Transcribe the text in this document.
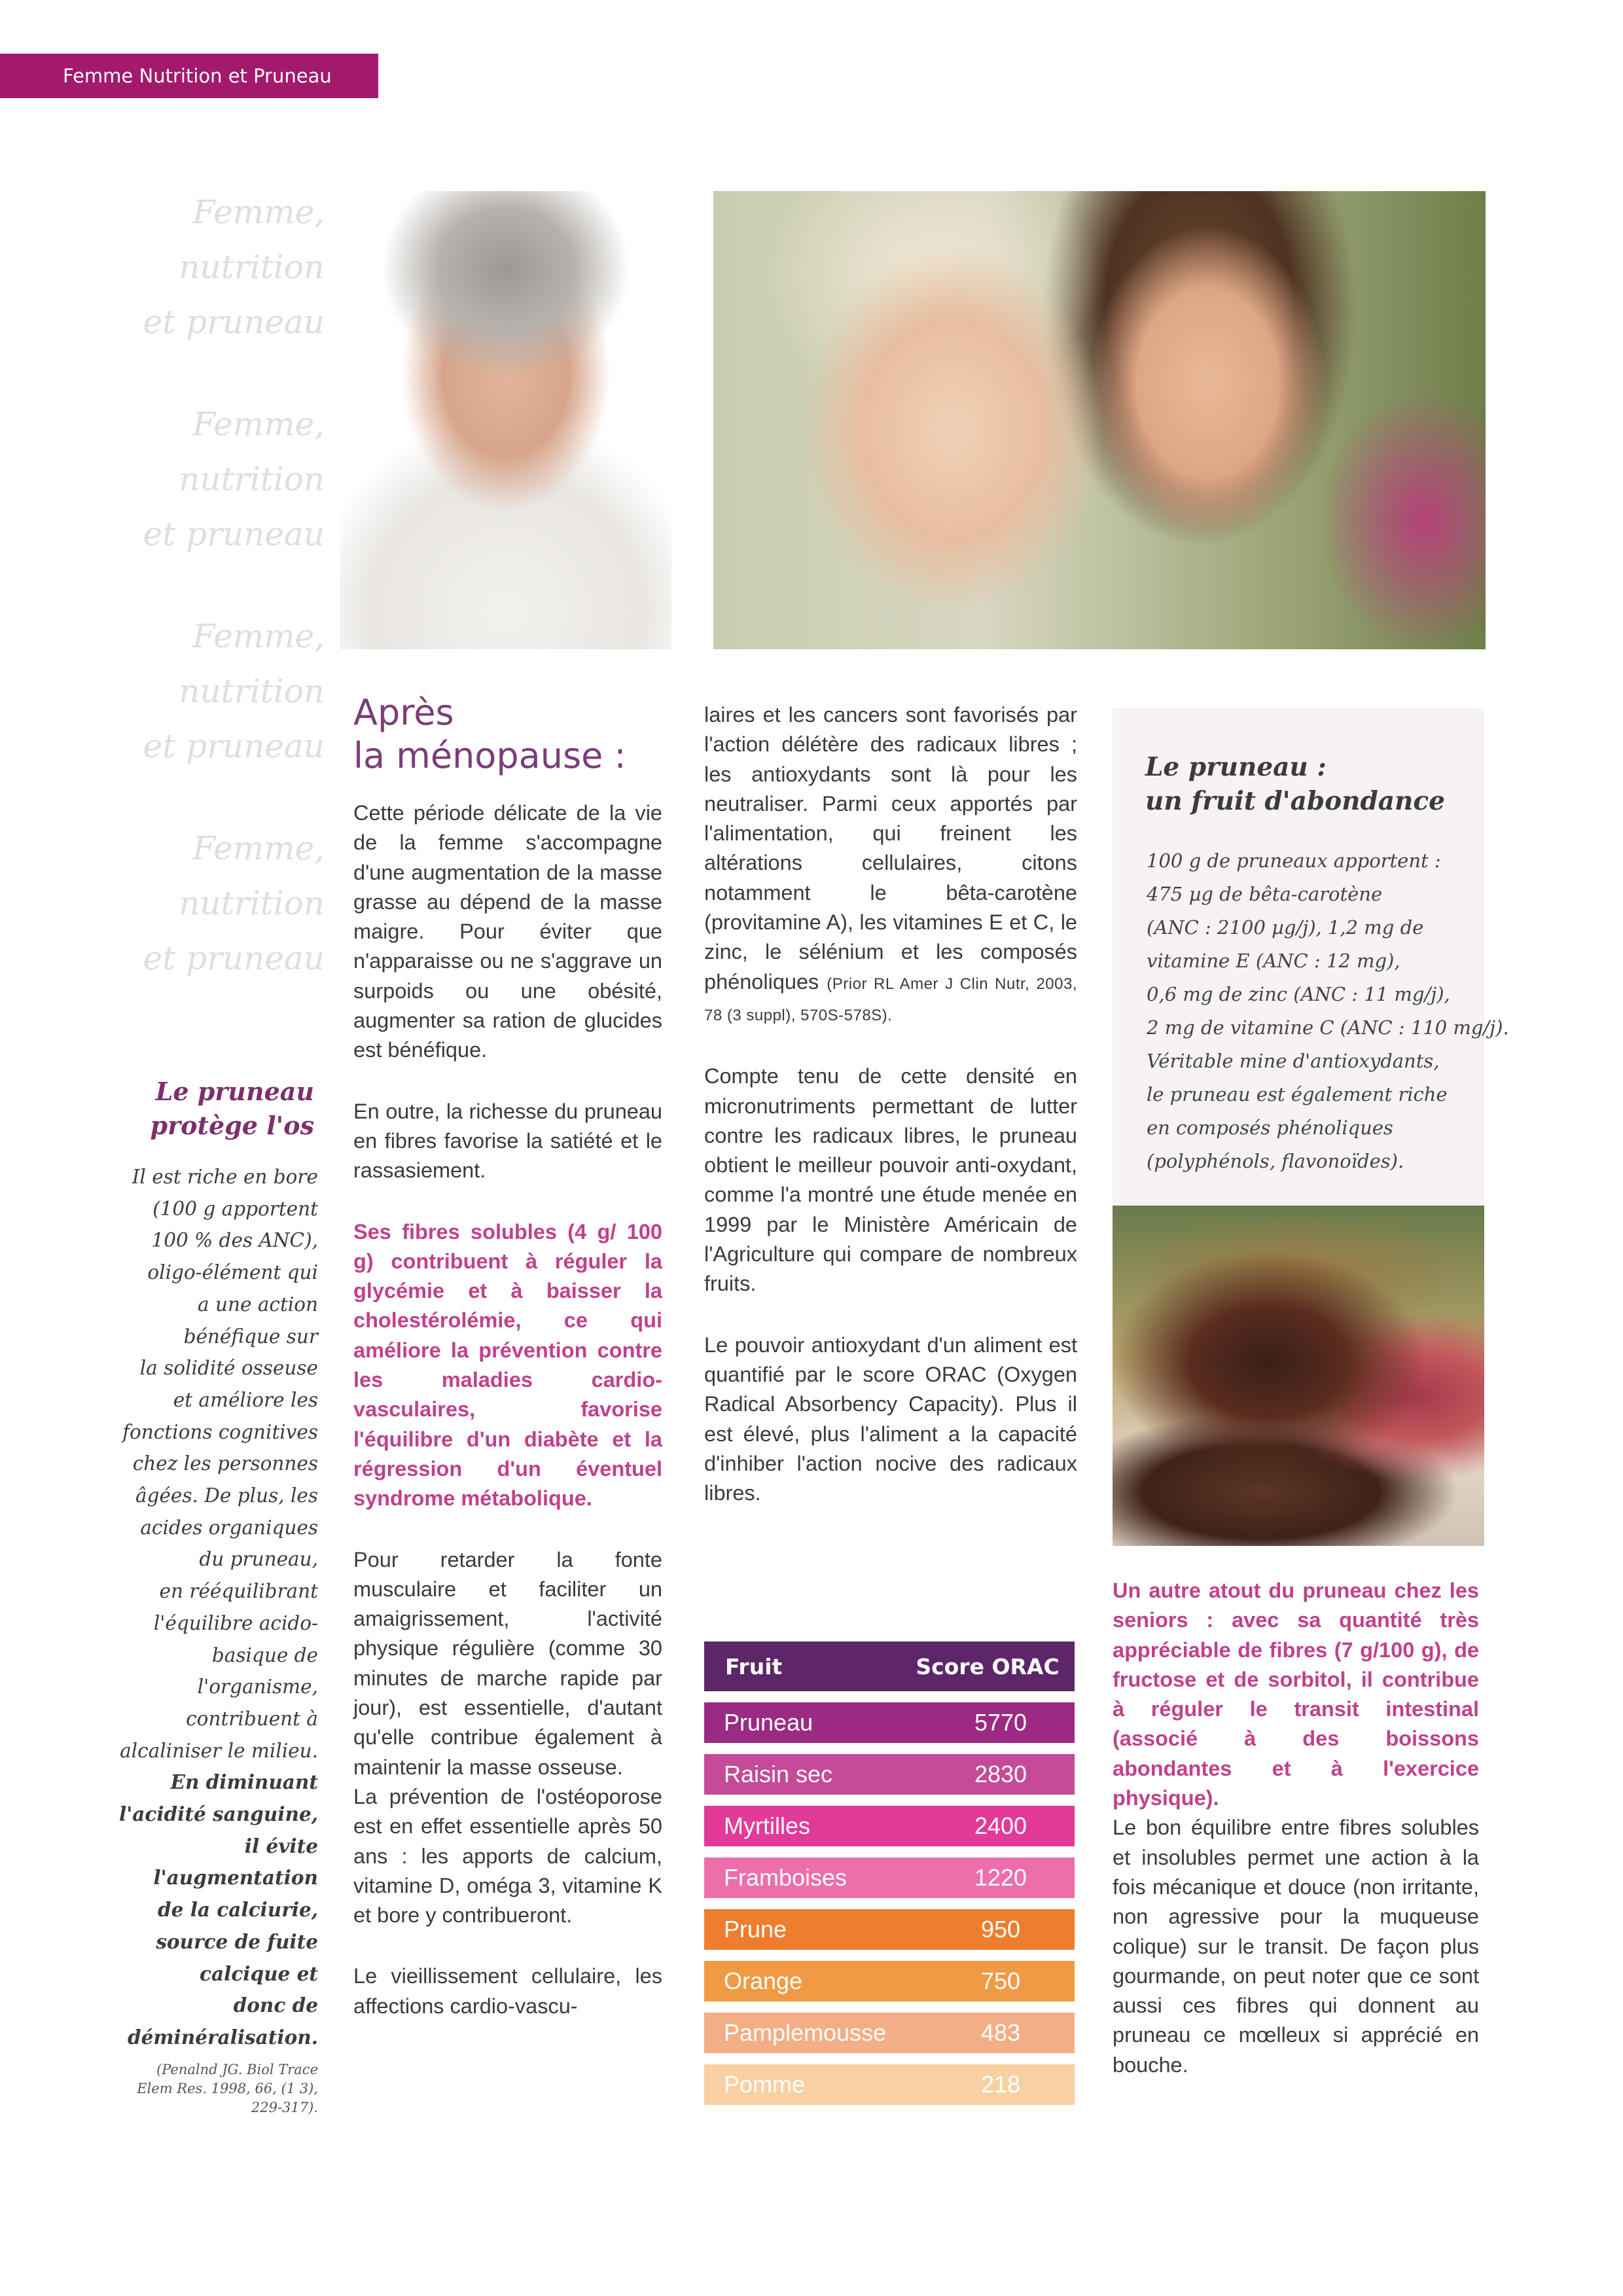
Femme Nutrition et Pruneau
Femme,
nutrition
et pruneau
Femme,
nutrition
et pruneau
Femme,
nutrition
et pruneau
Femme,
nutrition
et pruneau
Le pruneau
protège l'os
Il est riche en bore
(100 g apportent
100 % des ANC),
oligo-élément qui
a une action
bénéfique sur
la solidité osseuse
et améliore les
fonctions cognitives
chez les personnes
âgées. De plus, les
acides organiques
du pruneau,
en rééquilibrant
l'équilibre acido-
basique de
l'organisme,
contribuent à
alcaliniser le milieu.
En diminuant
l'acidité sanguine,
il évite
l'augmentation
de la calciurie,
source de fuite
calcique et
donc de
déminéralisation.
(Penalnd JG. Biol Trace
Elem Res. 1998, 66, (1 3),
229-317).
Après
la ménopause :

Cette période délicate de la vie de la femme s'accompagne d'une augmentation de la masse grasse au dépend de la masse maigre. Pour éviter que n'apparaisse ou ne s'aggrave un surpoids ou une obésité, augmenter sa ration de glucides est bénéfique.

En outre, la richesse du pruneau en fibres favorise la satiété et le rassasiement.

Ses fibres solubles (4 g/ 100 g) contribuent à réguler la glycémie et à baisser la cholestérolémie, ce qui améliore la prévention contre les maladies cardio-vasculaires, favorise l'équilibre d'un diabète et la régression d'un éventuel syndrome métabolique.

Pour retarder la fonte musculaire et faciliter un amaigrissement, l'activité physique régulière (comme 30 minutes de marche rapide par jour), est essentielle, d'autant qu'elle contribue également à maintenir la masse osseuse.

La prévention de l'ostéoporose est en effet essentielle après 50 ans : les apports de calcium, vitamine D, oméga 3, vitamine K et bore y contribueront.

Le vieillissement cellulaire, les affections cardio-vascu-

laires et les cancers sont favorisés par l'action délétère des radicaux libres ; les antioxydants sont là pour les neutraliser. Parmi ceux apportés par l'alimentation, qui freinent les altérations cellulaires, citons notamment le bêta-carotène (provitamine A), les vitamines E et C, le zinc, le sélénium et les composés phénoliques (Prior RL Amer J Clin Nutr, 2003, 78 (3 suppl), 570S-578S).

Compte tenu de cette densité en micronutriments permettant de lutter contre les radicaux libres, le pruneau obtient le meilleur pouvoir anti-oxydant, comme l'a montré une étude menée en 1999 par le Ministère Américain de l'Agriculture qui compare de nombreux fruits.

Le pouvoir antioxydant d'un aliment est quantifié par le score ORAC (Oxygen Radical Absorbency Capacity). Plus il est élevé, plus l'aliment a la capacité d'inhiber l'action nocive des radicaux libres.

Fruit	Score ORAC
Pruneau	5770
Raisin sec	2830
Myrtilles	2400
Framboises	1220
Prune	950
Orange	750
Pamplemousse	483
Pomme	218
Le pruneau :
un fruit d'abondance
100 g de pruneaux apportent :
475 µg de bêta-carotène
(ANC : 2100 µg/j), 1,2 mg de
vitamine E (ANC : 12 mg),
0,6 mg de zinc (ANC : 11 mg/j),
2 mg de vitamine C (ANC : 110 mg/j).
Véritable mine d'antioxydants,
le pruneau est également riche
en composés phénoliques
(polyphénols, flavonoïdes).

Un autre atout du pruneau chez les seniors : avec sa quantité très appréciable de fibres (7 g/100 g), de fructose et de sorbitol, il contribue à réguler le transit intestinal (associé à des boissons abondantes et à l'exercice physique).

Le bon équilibre entre fibres solubles et insolubles permet une action à la fois mécanique et douce (non irritante, non agressive pour la muqueuse colique) sur le transit. De façon plus gourmande, on peut noter que ce sont aussi ces fibres qui donnent au pruneau ce mœlleux si apprécié en bouche.
